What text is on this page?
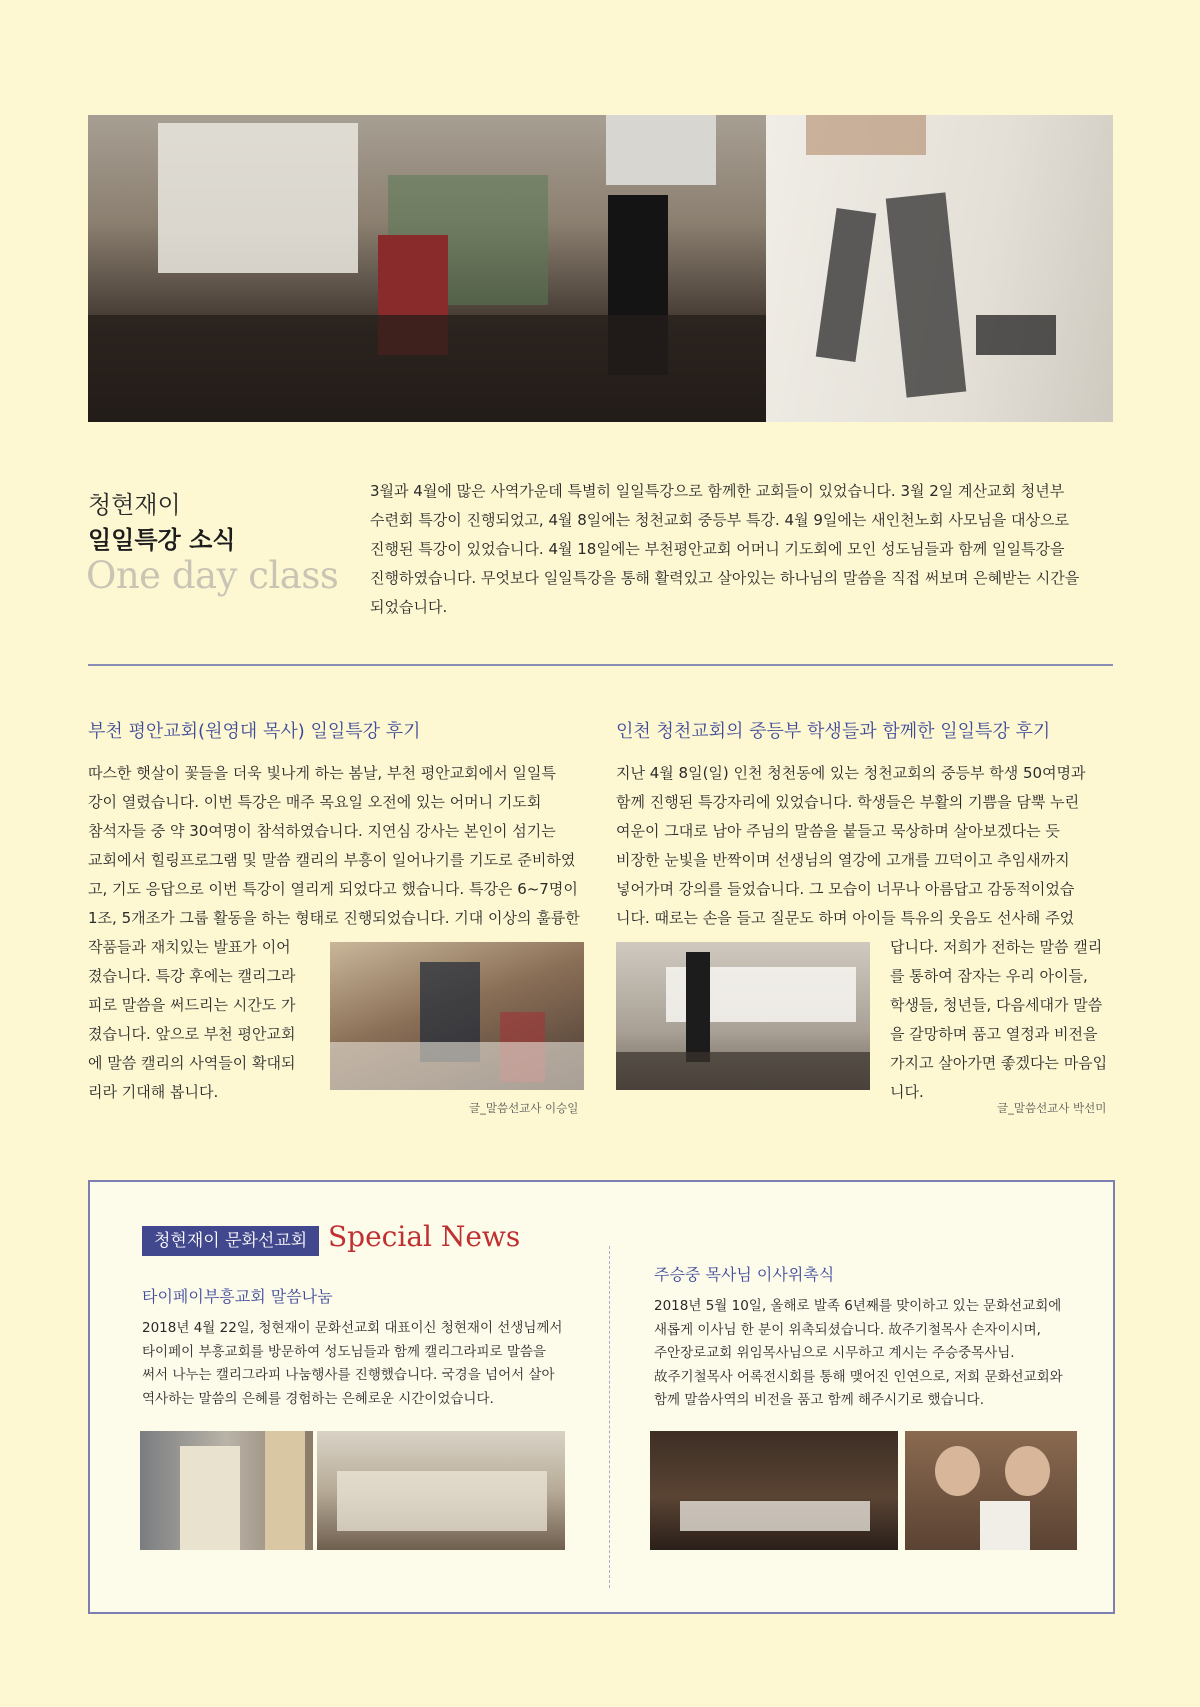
청현재이
일일특강 소식
One day class
3월과 4월에 많은 사역가운데 특별히 일일특강으로 함께한 교회들이 있었습니다. 3월 2일 계산교회 청년부
수련회 특강이 진행되었고, 4월 8일에는 청천교회 중등부 특강. 4월 9일에는 새인천노회 사모님을 대상으로
진행된 특강이 있었습니다. 4월 18일에는 부천평안교회 어머니 기도회에 모인 성도님들과 함께 일일특강을
진행하였습니다. 무엇보다 일일특강을 통해 활력있고 살아있는 하나님의 말씀을 직접 써보며 은혜받는 시간을
되었습니다.
부천 평안교회(원영대 목사) 일일특강 후기
따스한 햇살이 꽃들을 더욱 빛나게 하는 봄날, 부천 평안교회에서 일일특
강이 열렸습니다. 이번 특강은 매주 목요일 오전에 있는 어머니 기도회
참석자들 중 약 30여명이 참석하였습니다. 지연심 강사는 본인이 섬기는
교회에서 힐링프로그램 및 말씀 캘리의 부흥이 일어나기를 기도로 준비하였
고, 기도 응답으로 이번 특강이 열리게 되었다고 했습니다. 특강은 6~7명이
1조, 5개조가 그룹 활동을 하는 형태로 진행되었습니다. 기대 이상의 훌륭한
작품들과 재치있는 발표가 이어
졌습니다. 특강 후에는 캘리그라
피로 말씀을 써드리는 시간도 가
졌습니다. 앞으로 부천 평안교회
에 말씀 캘리의 사역들이 확대되
리라 기대해 봅니다.
글_말씀선교사 이승일
인천 청천교회의 중등부 학생들과 함께한 일일특강 후기
지난 4월 8일(일) 인천 청천동에 있는 청천교회의 중등부 학생 50여명과
함께 진행된 특강자리에 있었습니다. 학생들은 부활의 기쁨을 담뿍 누린
여운이 그대로 남아 주님의 말씀을 붙들고 묵상하며 살아보겠다는 듯
비장한 눈빛을 반짝이며 선생님의 열강에 고개를 끄덕이고 추임새까지
넣어가며 강의를 들었습니다. 그 모습이 너무나 아름답고 감동적이었습
니다. 때로는 손을 들고 질문도 하며 아이들 특유의 웃음도 선사해 주었
답니다. 저희가 전하는 말씀 캘리
를 통하여 잠자는 우리 아이들,
학생들, 청년들, 다음세대가 말씀
을 갈망하며 품고 열정과 비전을
가지고 살아가면 좋겠다는 마음입
니다.
글_말씀선교사 박선미
청현재이 문화선교회 Special News
타이페이부흥교회 말씀나눔
2018년 4월 22일, 청현재이 문화선교회 대표이신 청현재이 선생님께서
타이페이 부흥교회를 방문하여 성도님들과 함께 캘리그라피로 말씀을
써서 나누는 캘리그라피 나눔행사를 진행했습니다. 국경을 넘어서 살아
역사하는 말씀의 은혜를 경험하는 은혜로운 시간이었습니다.
주승중 목사님 이사위촉식
2018년 5월 10일, 올해로 발족 6년째를 맞이하고 있는 문화선교회에
새롭게 이사님 한 분이 위촉되셨습니다. 故주기철목사 손자이시며,
주안장로교회 위임목사님으로 시무하고 계시는 주승중목사님.
故주기철목사 어록전시회를 통해 맺어진 인연으로, 저희 문화선교회와
함께 말씀사역의 비전을 품고 함께 해주시기로 했습니다.
